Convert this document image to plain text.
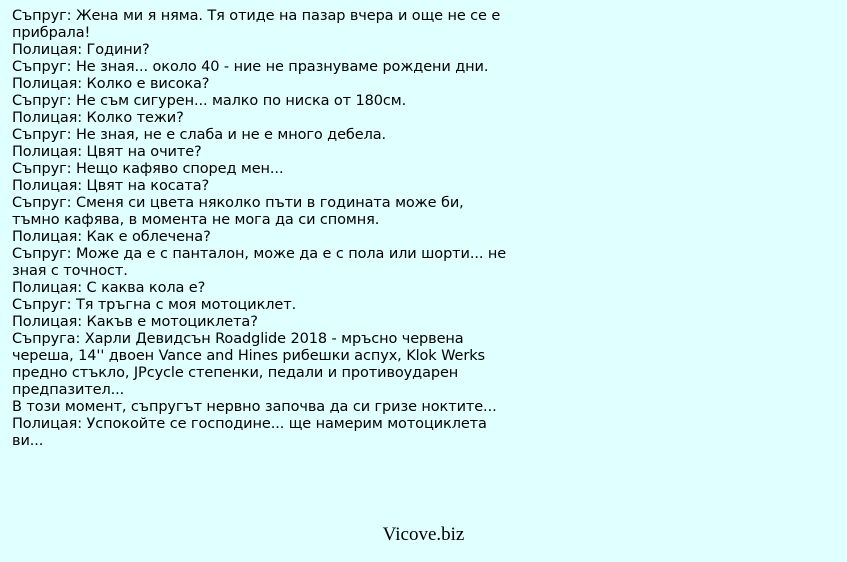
Съпруг: Жена ми я няма. Тя отиде на пазар вчера и още не се е прибрала!
Полицая: Години?
Съпруг: Не зная... около 40 - ние не празнуваме рождени дни.
Полицая: Колко е висока?
Съпруг: Не съм сигурен... малко по ниска от 180см.
Полицая: Колко тежи?
Съпруг: Не зная, не е слаба и не е много дебела.
Полицая: Цвят на очите?
Съпруг: Нещо кафяво според мен...
Полицая: Цвят на косата?
Съпруг: Сменя си цвета няколко пъти в годината може би, тъмно кафява, в момента не мога да си спомня.
Полицая: Как е облечена?
Съпруг: Може да е с панталон, може да е с пола или шорти... не зная с точност.
Полицая: С каква кола е?
Съпруг: Тя тръгна с моя мотоциклет.
Полицая: Какъв е мотоциклета?
Съпруга: Харли Девидсън Roadglide 2018 - мръсно червена череша, 14'' двоен Vance and Hines рибешки аспух, Klok Werks предно стъкло, JPcycle степенки, педали и противоударен предпазител...
В този момент, съпругът нервно започва да си гризе ноктите...
Полицая: Успокойте се господине... ще намерим мотоциклета ви...
Vicove.biz
